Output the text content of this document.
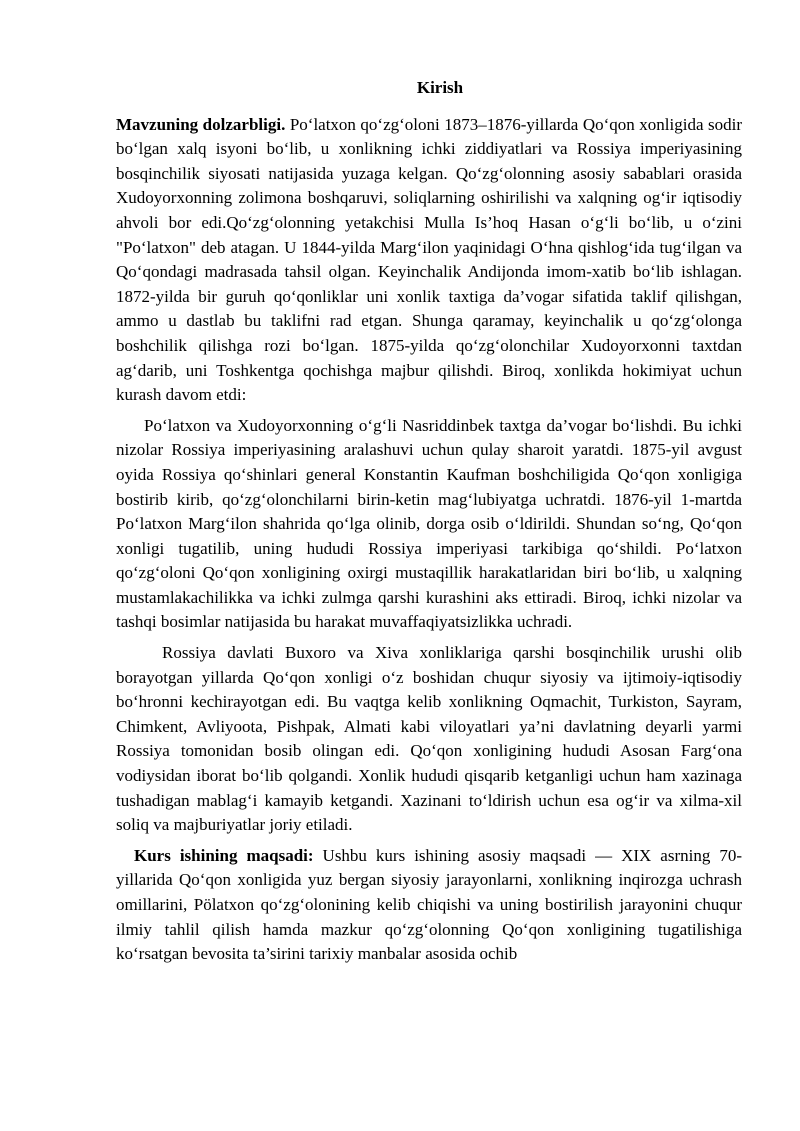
Kirish

Mavzuning dolzarbligi. Po‘latxon qo‘zg‘oloni 1873–1876-yillarda Qo‘qon xonligida sodir bo‘lgan xalq isyoni bo‘lib, u xonlikning ichki ziddiyatlari va Rossiya imperiyasining bosqinchilik siyosati natijasida yuzaga kelgan. Qo‘zg‘olonning asosiy sabablari orasida Xudoyorxonning zolimona boshqaruvi, soliqlarning oshirilishi va xalqning og‘ir iqtisodiy ahvoli bor edi.Qo‘zg‘olonning yetakchisi Mulla Is’hoq Hasan o‘g‘li bo‘lib, u o‘zini "Po‘latxon" deb atagan. U 1844-yilda Marg‘ilon yaqinidagi O‘hna qishlog‘ida tug‘ilgan va Qo‘qondagi madrasada tahsil olgan. Keyinchalik Andijonda imom-xatib bo‘lib ishlagan. 1872-yilda bir guruh qo‘qonliklar uni xonlik taxtiga da’vogar sifatida taklif qilishgan, ammo u dastlab bu taklifni rad etgan. Shunga qaramay, keyinchalik u qo‘zg‘olonga boshchilik qilishga rozi bo‘lgan. 1875-yilda qo‘zg‘olonchilar Xudoyorxonni taxtdan ag‘darib, uni Toshkentga qochishga majbur qilishdi. Biroq, xonlikda hokimiyat uchun kurash davom etdi:

Po‘latxon va Xudoyorxonning o‘g‘li Nasriddinbek taxtga da’vogar bo‘lishdi. Bu ichki nizolar Rossiya imperiyasining aralashuvi uchun qulay sharoit yaratdi. 1875-yil avgust oyida Rossiya qo‘shinlari general Konstantin Kaufman boshchiligida Qo‘qon xonligiga bostirib kirib, qo‘zg‘olonchilarni birin-ketin mag‘lubiyatga uchratdi. 1876-yil 1-martda Po‘latxon Marg‘ilon shahrida qo‘lga olinib, dorga osib o‘ldirildi. Shundan so‘ng, Qo‘qon xonligi tugatilib, uning hududi Rossiya imperiyasi tarkibiga qo‘shildi. Po‘latxon qo‘zg‘oloni Qo‘qon xonligining oxirgi mustaqillik harakatlaridan biri bo‘lib, u xalqning mustamlakachilikka va ichki zulmga qarshi kurashini aks ettiradi. Biroq, ichki nizolar va tashqi bosimlar natijasida bu harakat muvaffaqiyatsizlikka uchradi.

Rossiya davlati Buxoro va Xiva xonliklariga qarshi bosqinchilik urushi olib borayotgan yillarda Qo‘qon xonligi o‘z boshidan chuqur siyosiy va ijtimoiy-iqtisodiy bo‘hronni kechirayotgan edi. Bu vaqtga kelib xonlikning Oqmachit, Turkiston, Sayram, Chimkent, Avliyoota, Pishpak, Almati kabi viloyatlari ya’ni davlatning deyarli yarmi Rossiya tomonidan bosib olingan edi. Qo‘qon xonligining hududi Asosan Farg‘ona vodiysidan iborat bo‘lib qolgandi. Xonlik hududi qisqarib ketganligi uchun ham xazinaga tushadigan mablag‘i kamayib ketgandi. Xazinani to‘ldirish uchun esa og‘ir va xilma-xil soliq va majburiyatlar joriy etiladi.

Kurs ishining maqsadi: Ushbu kurs ishining asosiy maqsadi — XIX asrning 70-yillarida Qo‘qon xonligida yuz bergan siyosiy jarayonlarni, xonlikning inqirozga uchrash omillarini, Pölatxon qo‘zg‘olonining kelib chiqishi va uning bostirilish jarayonini chuqur ilmiy tahlil qilish hamda mazkur qo‘zg‘olonning Qo‘qon xonligining tugatilishiga ko‘rsatgan bevosita ta’sirini tarixiy manbalar asosida ochib
